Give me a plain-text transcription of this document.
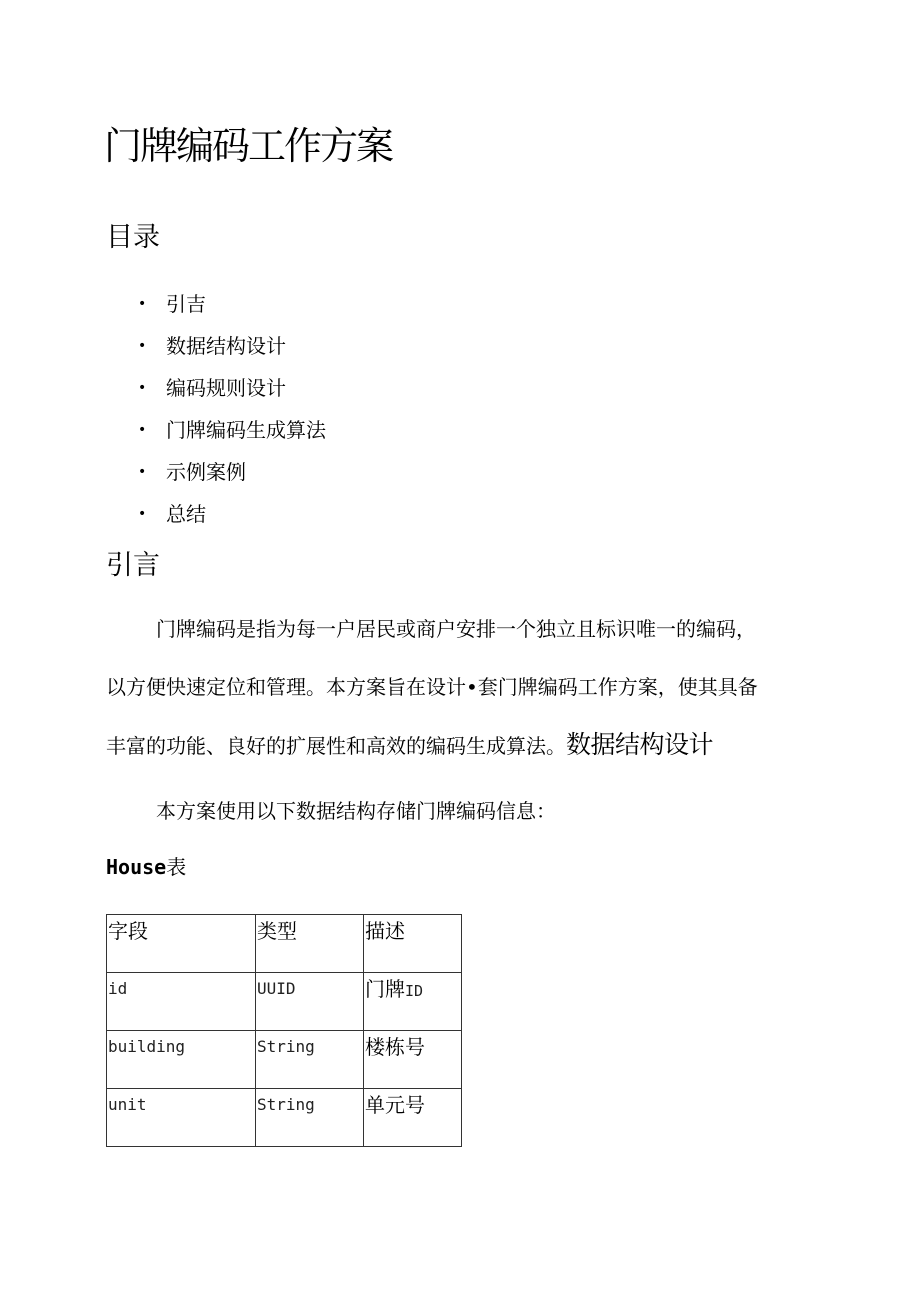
门牌编码工作方案
目录
• 引吉
• 数据结构设计
• 编码规则设计
• 门牌编码生成算法
• 示例案例
• 总结
引言
门牌编码是指为每一户居民或商户安排一个独立且标识唯一的编码，
以方便快速定位和管理。本方案旨在设计•套门牌编码工作方案，使其具备
丰富的功能、良好的扩展性和高效的编码生成算法。数据结构设计
本方案使用以下数据结构存储门牌编码信息：
House表
字段	类型	描述
id	UUID	门牌ID
building	String	楼栋号
unit	String	单元号
